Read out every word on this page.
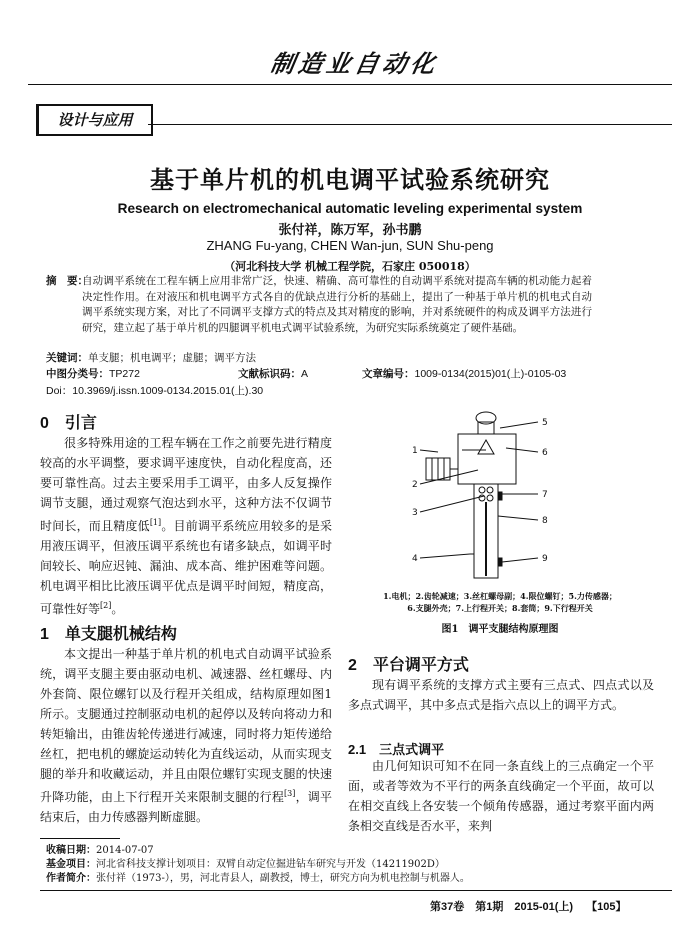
制造业自动化
设计与应用
基于单片机的机电调平试验系统研究
Research on electromechanical automatic leveling experimental system
张付祥，陈万军，孙书鹏
ZHANG Fu-yang, CHEN Wan-jun, SUN Shu-peng
（河北科技大学 机械工程学院，石家庄 050018）
摘　要：
自动调平系统在工程车辆上应用非常广泛，快速、精确、高可靠性的自动调平系统对提高车辆的机动能力起着决定性作用。在对液压和机电调平方式各自的优缺点进行分析的基础上，提出了一种基于单片机的机电式自动调平系统实现方案，对比了不同调平支撑方式的特点及其对精度的影响，并对系统硬件的构成及调平方法进行研究，建立起了基于单片机的四腿调平机电式调平试验系统，为研究实际系统奠定了硬件基础。
关键词：单支腿；机电调平；虚腿；调平方法
中图分类号：TP272	文献标识码：A	文章编号：1009-0134(2015)01(上)-0105-03
Doi：10.3969/j.issn.1009-0134.2015.01(上).30
0　引言
很多特殊用途的工程车辆在工作之前要先进行精度较高的水平调整，要求调平速度快，自动化程度高，还要可靠性高。过去主要采用手工调平，由多人反复操作调节支腿，通过观察气泡达到水平，这种方法不仅调节时间长，而且精度低[1]。目前调平系统应用较多的是采用液压调平，但液压调平系统也有诸多缺点，如调平时间较长、响应迟钝、漏油、成本高、维护困难等问题。机电调平相比比液压调平优点是调平时间短，精度高，可靠性好等[2]。
1　单支腿机械结构
本文提出一种基于单片机的机电式自动调平试验系统，调平支腿主要由驱动电机、减速器、丝杠螺母、内外套筒、限位螺钉以及行程开关组成，结构原理如图1所示。支腿通过控制驱动电机的起停以及转向将动力和转矩输出，由锥齿轮传递进行减速，同时将力矩传递给丝杠，把电机的螺旋运动转化为直线运动，从而实现支腿的举升和收藏运动，并且由限位螺钉实现支腿的快速升降功能，由上下行程开关来限制支腿的行程[3]，调平结束后，由力传感器判断虚腿。
5
6
7
8
9
1
2
3
4
1.电机；2.齿轮减速；3.丝杠螺母副；4.限位螺钉；5.力传感器；
6.支腿外壳；7.上行程开关；8.套筒；9.下行程开关
图1　调平支腿结构原理图
2　平台调平方式
现有调平系统的支撑方式主要有三点式、四点式以及多点式调平，其中多点式是指六点以上的调平方式。
2.1　三点式调平
由几何知识可知不在同一条直线上的三点确定一个平面，或者等效为不平行的两条直线确定一个平面，故可以在相交直线上各安装一个倾角传感器，通过考察平面内两条相交直线是否水平，来判
收稿日期：2014-07-07
基金项目：河北省科技支撑计划项目：双臂自动定位掘进钻车研究与开发（14211902D）
作者简介：张付祥（1973-），男，河北青县人，副教授，博士，研究方向为机电控制与机器人。
第37卷　第1期　2015-01(上) 【105】
